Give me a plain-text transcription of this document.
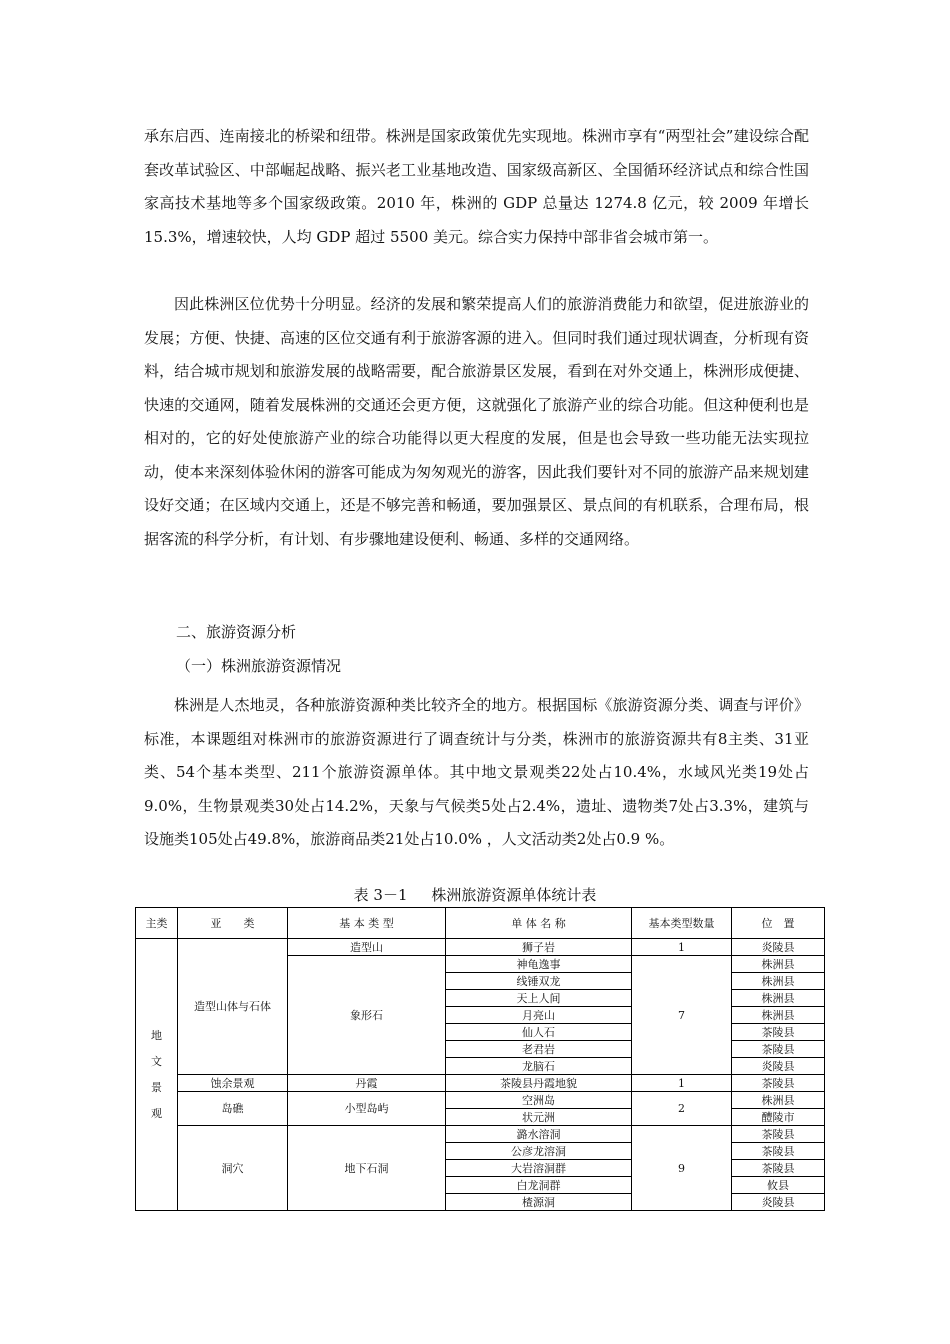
承东启西、连南接北的桥梁和纽带。株洲是国家政策优先实现地。株洲市享有“两型社会”建设综合配套改革试验区、中部崛起战略、振兴老工业基地改造、国家级高新区、全国循环经济试点和综合性国家高技术基地等多个国家级政策。2010 年，株洲的 GDP 总量达 1274.8 亿元，较 2009 年增长 15.3%，增速较快，人均 GDP 超过 5500 美元。综合实力保持中部非省会城市第一。

因此株洲区位优势十分明显。经济的发展和繁荣提高人们的旅游消费能力和欲望，促进旅游业的发展；方便、快捷、高速的区位交通有利于旅游客源的进入。但同时我们通过现状调查，分析现有资料，结合城市规划和旅游发展的战略需要，配合旅游景区发展，看到在对外交通上，株洲形成便捷、快速的交通网，随着发展株洲的交通还会更方便，这就强化了旅游产业的综合功能。但这种便利也是相对的，它的好处使旅游产业的综合功能得以更大程度的发展，但是也会导致一些功能无法实现拉动，使本来深刻体验休闲的游客可能成为匆匆观光的游客，因此我们要针对不同的旅游产品来规划建设好交通；在区域内交通上，还是不够完善和畅通，要加强景区、景点间的有机联系，合理布局，根据客流的科学分析，有计划、有步骤地建设便利、畅通、多样的交通网络。

二、旅游资源分析

（一）株洲旅游资源情况

株洲是人杰地灵，各种旅游资源种类比较齐全的地方。根据国标《旅游资源分类、调查与评价》标准，本课题组对株洲市的旅游资源进行了调查统计与分类，株洲市的旅游资源共有8主类、31亚类、54个基本类型、211个旅游资源单体。其中地文景观类22处占10.4%，水域风光类19处占9.0%，生物景观类30处占14.2%，天象与气候类5处占2.4%，遗址、遗物类7处占3.3%，建筑与设施类105处占49.8%，旅游商品类21处占10.0% ，人文活动类2处占0.9 %。

表 3－1     株洲旅游资源单体统计表
主类	亚　　类	基 本 类 型	单 体 名 称	基本类型数量	位　置

地
文
景
观	造型山体与石体	造型山	狮子岩	1	炎陵县
		象形石	神龟逸事	7	株洲县
			线锤双龙		株洲县
			天上人间		株洲县
			月亮山		株洲县
			仙人石		茶陵县
			老君岩		茶陵县
			龙脑石		炎陵县
	蚀余景观	丹霞	茶陵县丹霞地貌	1	茶陵县
	岛礁	小型岛屿	空洲岛	2	株洲县
			状元洲		醴陵市
	洞穴	地下石洞	潞水溶洞	9	茶陵县
			公彦龙溶洞		茶陵县
			大岩溶洞群		茶陵县
			白龙洞群		攸县
			楂源洞		炎陵县
